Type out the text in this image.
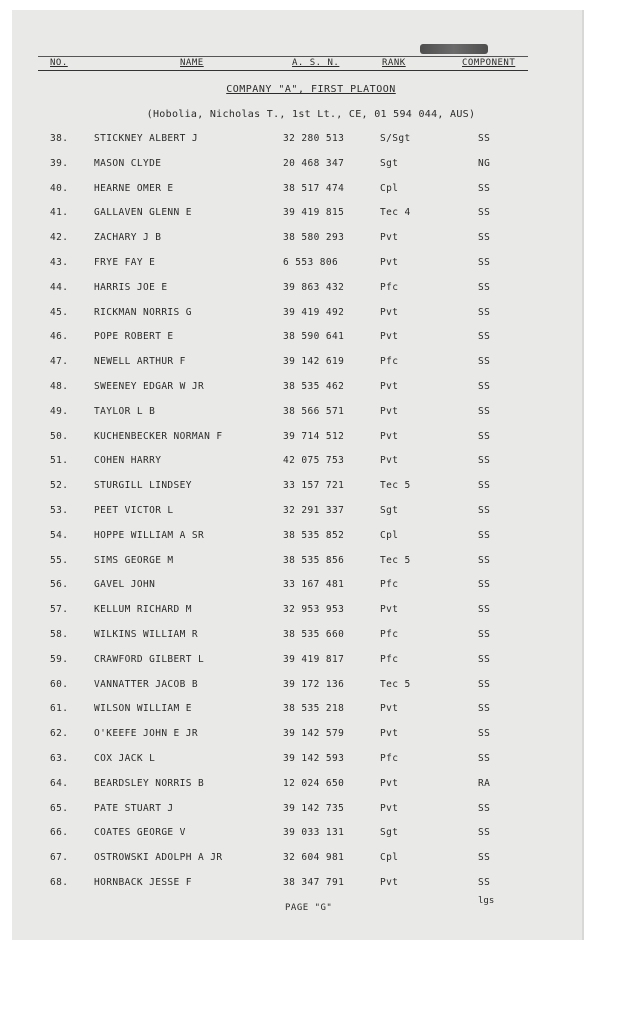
NO.	NAME	A. S. N.	RANK	COMPONENT
COMPANY "A", FIRST PLATOON
(Hobolia, Nicholas T., 1st Lt., CE, 01 594 044, AUS)
38.	STICKNEY ALBERT J	32 280 513	S/Sgt	SS
39.	MASON CLYDE	20 468 347	Sgt	NG
40.	HEARNE OMER E	38 517 474	Cpl	SS
41.	GALLAVEN GLENN E	39 419 815	Tec 4	SS
42.	ZACHARY J B	38 580 293	Pvt	SS
43.	FRYE FAY E	6 553 806	Pvt	SS
44.	HARRIS JOE E	39 863 432	Pfc	SS
45.	RICKMAN NORRIS G	39 419 492	Pvt	SS
46.	POPE ROBERT E	38 590 641	Pvt	SS
47.	NEWELL ARTHUR F	39 142 619	Pfc	SS
48.	SWEENEY EDGAR W JR	38 535 462	Pvt	SS
49.	TAYLOR L B	38 566 571	Pvt	SS
50.	KUCHENBECKER NORMAN F	39 714 512	Pvt	SS
51.	COHEN HARRY	42 075 753	Pvt	SS
52.	STURGILL LINDSEY	33 157 721	Tec 5	SS
53.	PEET VICTOR L	32 291 337	Sgt	SS
54.	HOPPE WILLIAM A SR	38 535 852	Cpl	SS
55.	SIMS GEORGE M	38 535 856	Tec 5	SS
56.	GAVEL JOHN	33 167 481	Pfc	SS
57.	KELLUM RICHARD M	32 953 953	Pvt	SS
58.	WILKINS WILLIAM R	38 535 660	Pfc	SS
59.	CRAWFORD GILBERT L	39 419 817	Pfc	SS
60.	VANNATTER JACOB B	39 172 136	Tec 5	SS
61.	WILSON WILLIAM E	38 535 218	Pvt	SS
62.	O'KEEFE JOHN E JR	39 142 579	Pvt	SS
63.	COX JACK L	39 142 593	Pfc	SS
64.	BEARDSLEY NORRIS B	12 024 650	Pvt	RA
65.	PATE STUART J	39 142 735	Pvt	SS
66.	COATES GEORGE V	39 033 131	Sgt	SS
67.	OSTROWSKI ADOLPH A JR	32 604 981	Cpl	SS
68.	HORNBACK JESSE F	38 347 791	Pvt	SS
PAGE "G"
lgs
